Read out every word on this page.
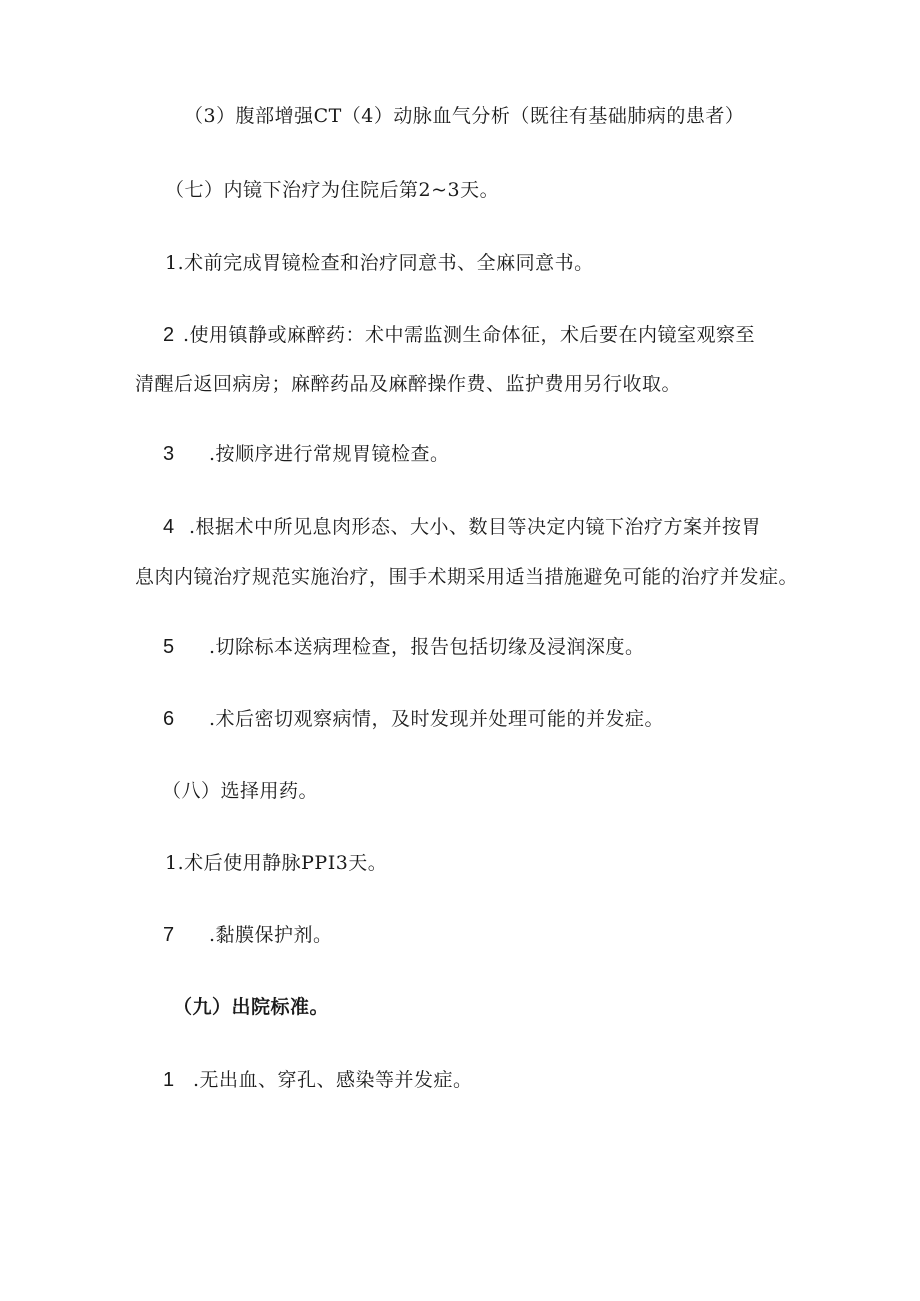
（3）腹部增强CT（4）动脉血气分析（既往有基础肺病的患者）
（七）内镜下治疗为住院后第2~3天。
1.术前完成胃镜检查和治疗同意书、全麻同意书。
2 .使用镇静或麻醉药：术中需监测生命体征，术后要在内镜室观察至
清醒后返回病房；麻醉药品及麻醉操作费、监护费用另行收取。
3 .按顺序进行常规胃镜检查。
4 .根据术中所见息肉形态、大小、数目等决定内镜下治疗方案并按胃
息肉内镜治疗规范实施治疗，围手术期采用适当措施避免可能的治疗并发症。
5 .切除标本送病理检查，报告包括切缘及浸润深度。
6 .术后密切观察病情，及时发现并处理可能的并发症。
（八）选择用药。
1.术后使用静脉PPI3天。
7 .黏膜保护剂。
（九）出院标准。
1 .无出血、穿孔、感染等并发症。
